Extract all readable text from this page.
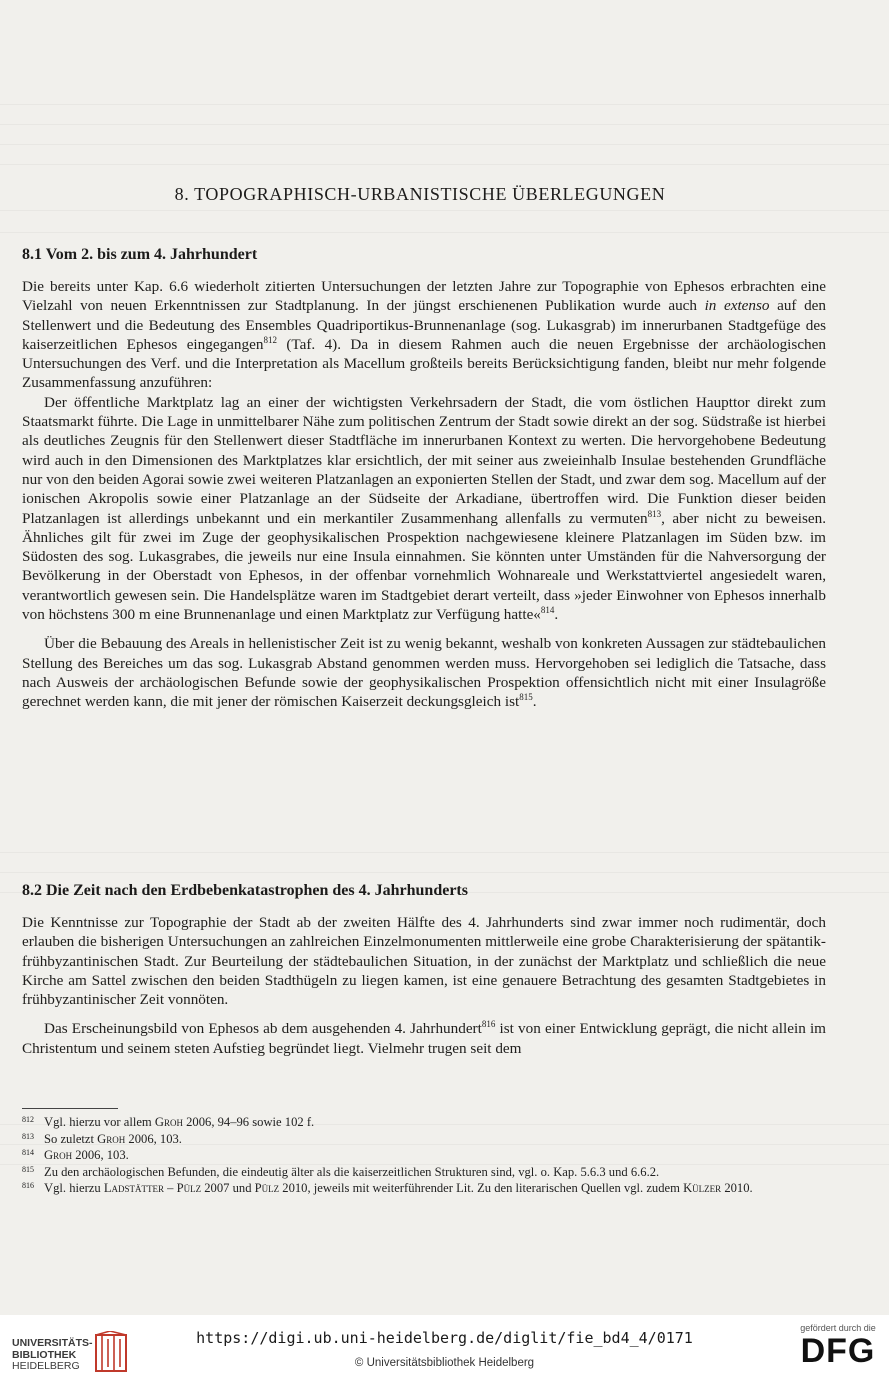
8. TOPOGRAPHISCH-URBANISTISCHE ÜBERLEGUNGEN
8.1 Vom 2. bis zum 4. Jahrhundert

Die bereits unter Kap. 6.6 wiederholt zitierten Untersuchungen der letzten Jahre zur Topographie von Ephesos erbrachten eine Vielzahl von neuen Erkenntnissen zur Stadtplanung. In der jüngst erschienenen Publikation wurde auch in extenso auf den Stellenwert und die Bedeutung des Ensembles Quadriportikus-Brunnenanlage (sog. Lukasgrab) im innerurbanen Stadtgefüge des kaiserzeitlichen Ephesos eingegangen$^{812}$ (Taf. 4). Da in diesem Rahmen auch die neuen Ergebnisse der archäologischen Untersuchungen des Verf. und die Interpretation als Macellum großteils bereits Berücksichtigung fanden, bleibt nur mehr folgende Zusammenfassung anzuführen:

Der öffentliche Marktplatz lag an einer der wichtigsten Verkehrsadern der Stadt, die vom östlichen Haupttor direkt zum Staatsmarkt führte. Die Lage in unmittelbarer Nähe zum politischen Zentrum der Stadt sowie direkt an der sog. Südstraße ist hierbei als deutliches Zeugnis für den Stellenwert dieser Stadtfläche im innerurbanen Kontext zu werten. Die hervorgehobene Bedeutung wird auch in den Dimensionen des Marktplatzes klar ersichtlich, der mit seiner aus zweieinhalb Insulae bestehenden Grundfläche nur von den beiden Agorai sowie zwei weiteren Platzanlagen an exponierten Stellen der Stadt, und zwar dem sog. Macellum auf der ionischen Akropolis sowie einer Platzanlage an der Südseite der Arkadiane, übertroffen wird. Die Funktion dieser beiden Platzanlagen ist allerdings unbekannt und ein merkantiler Zusammenhang allenfalls zu vermuten$^{813}$, aber nicht zu beweisen. Ähnliches gilt für zwei im Zuge der geophysikalischen Prospektion nachgewiesene kleinere Platzanlagen im Süden bzw. im Südosten des sog. Lukasgrabes, die jeweils nur eine Insula einnahmen. Sie könnten unter Umständen für die Nahversorgung der Bevölkerung in der Oberstadt von Ephesos, in der offenbar vornehmlich Wohnareale und Werkstattviertel angesiedelt waren, verantwortlich gewesen sein. Die Handelsplätze waren im Stadtgebiet derart verteilt, dass »jeder Einwohner von Ephesos innerhalb von höchstens 300 m eine Brunnenanlage und einen Marktplatz zur Verfügung hatte«$^{814}$.

Über die Bebauung des Areals in hellenistischer Zeit ist zu wenig bekannt, weshalb von konkreten Aussagen zur städtebaulichen Stellung des Bereiches um das sog. Lukasgrab Abstand genommen werden muss. Hervorgehoben sei lediglich die Tatsache, dass nach Ausweis der archäologischen Befunde sowie der geophysikalischen Prospektion offensichtlich nicht mit einer Insulagröße gerechnet werden kann, die mit jener der römischen Kaiserzeit deckungsgleich ist$^{815}$.

8.2 Die Zeit nach den Erdbebenkatastrophen des 4. Jahrhunderts

Die Kenntnisse zur Topographie der Stadt ab der zweiten Hälfte des 4. Jahrhunderts sind zwar immer noch rudimentär, doch erlauben die bisherigen Untersuchungen an zahlreichen Einzelmonumenten mittlerweile eine grobe Charakterisierung der spätantik-frühbyzantinischen Stadt. Zur Beurteilung der städtebaulichen Situation, in der zunächst der Marktplatz und schließlich die neue Kirche am Sattel zwischen den beiden Stadthügeln zu liegen kamen, ist eine genauere Betrachtung des gesamten Stadtgebietes in frühbyzantinischer Zeit vonnöten.

Das Erscheinungsbild von Ephesos ab dem ausgehenden 4. Jahrhundert$^{816}$ ist von einer Entwicklung geprägt, die nicht allein im Christentum und seinem steten Aufstieg begründet liegt. Vielmehr trugen seit dem

812 Vgl. hierzu vor allem Groh 2006, 94–96 sowie 102 f.
813 So zuletzt Groh 2006, 103.
814 Groh 2006, 103.
815 Zu den archäologischen Befunden, die eindeutig älter als die kaiserzeitlichen Strukturen sind, vgl. o. Kap. 5.6.3 und 6.6.2.
816 Vgl. hierzu Ladstätter – Pülz 2007 und Pülz 2010, jeweils mit weiterführender Lit. Zu den literarischen Quellen vgl. zudem Külzer 2010.
UNIVERSITÄTS-
BIBLIOTHEK
HEIDELBERG
https://digi.ub.uni-heidelberg.de/diglit/fie_bd4_4/0171
© Universitätsbibliothek Heidelberg
gefördert durch die
DFG
